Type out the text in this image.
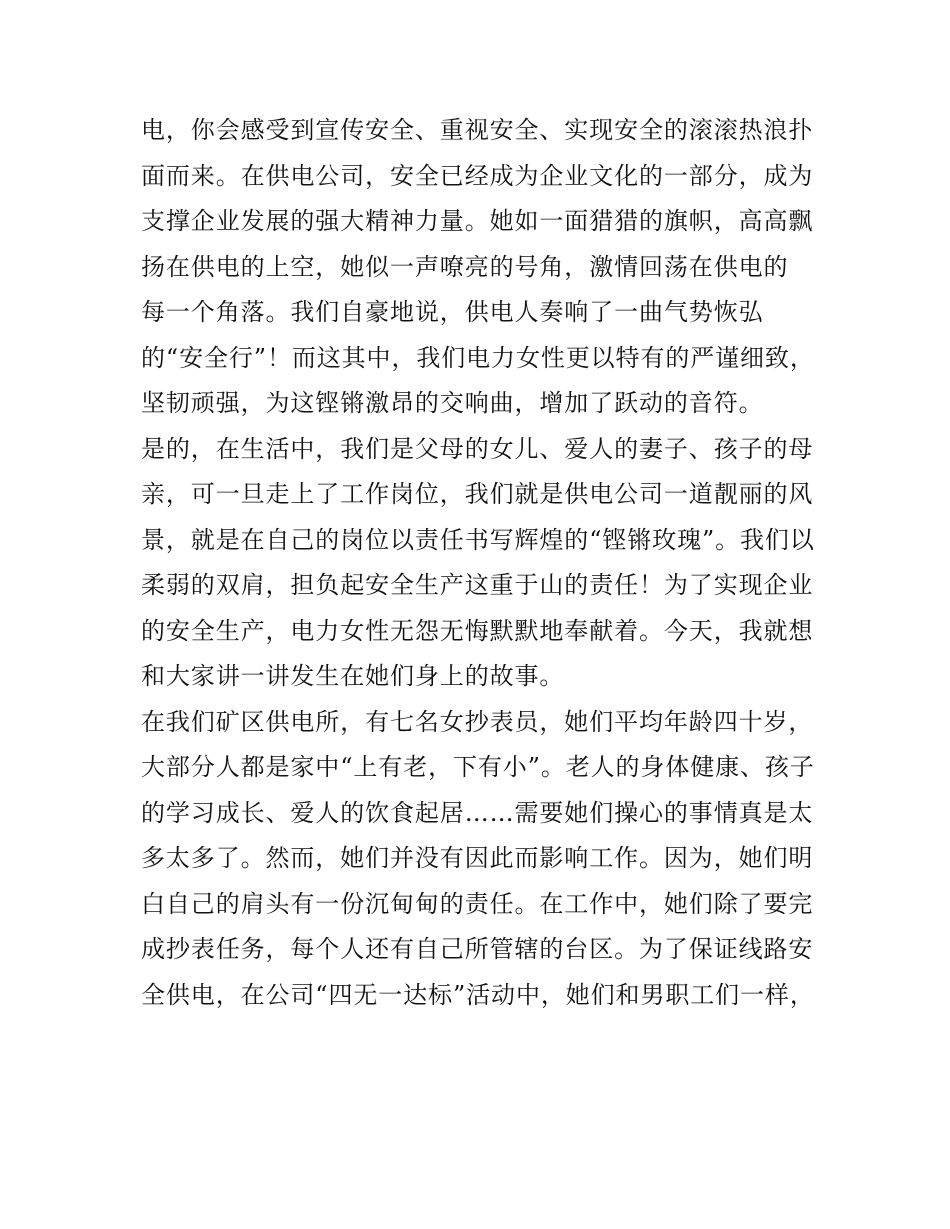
电，你会感受到宣传安全、重视安全、实现安全的滚滚热浪扑
面而来。在供电公司，安全已经成为企业文化的一部分，成为
支撑企业发展的强大精神力量。她如一面猎猎的旗帜，高高飘
扬在供电的上空，她似一声嘹亮的号角，激情回荡在供电的
每一个角落。我们自豪地说，供电人奏响了一曲气势恢弘
的“安全行”！而这其中，我们电力女性更以特有的严谨细致，
坚韧顽强，为这铿锵激昂的交响曲，增加了跃动的音符。
是的，在生活中，我们是父母的女儿、爱人的妻子、孩子的母
亲，可一旦走上了工作岗位，我们就是供电公司一道靓丽的风
景，就是在自己的岗位以责任书写辉煌的“铿锵玫瑰”。我们以
柔弱的双肩，担负起安全生产这重于山的责任！为了实现企业
的安全生产，电力女性无怨无悔默默地奉献着。今天，我就想
和大家讲一讲发生在她们身上的故事。
在我们矿区供电所，有七名女抄表员，她们平均年龄四十岁，
大部分人都是家中“上有老，下有小”。老人的身体健康、孩子
的学习成长、爱人的饮食起居……需要她们操心的事情真是太
多太多了。然而，她们并没有因此而影响工作。因为，她们明
白自己的肩头有一份沉甸甸的责任。在工作中，她们除了要完
成抄表任务，每个人还有自己所管辖的台区。为了保证线路安
全供电，在公司“四无一达标”活动中，她们和男职工们一样，
